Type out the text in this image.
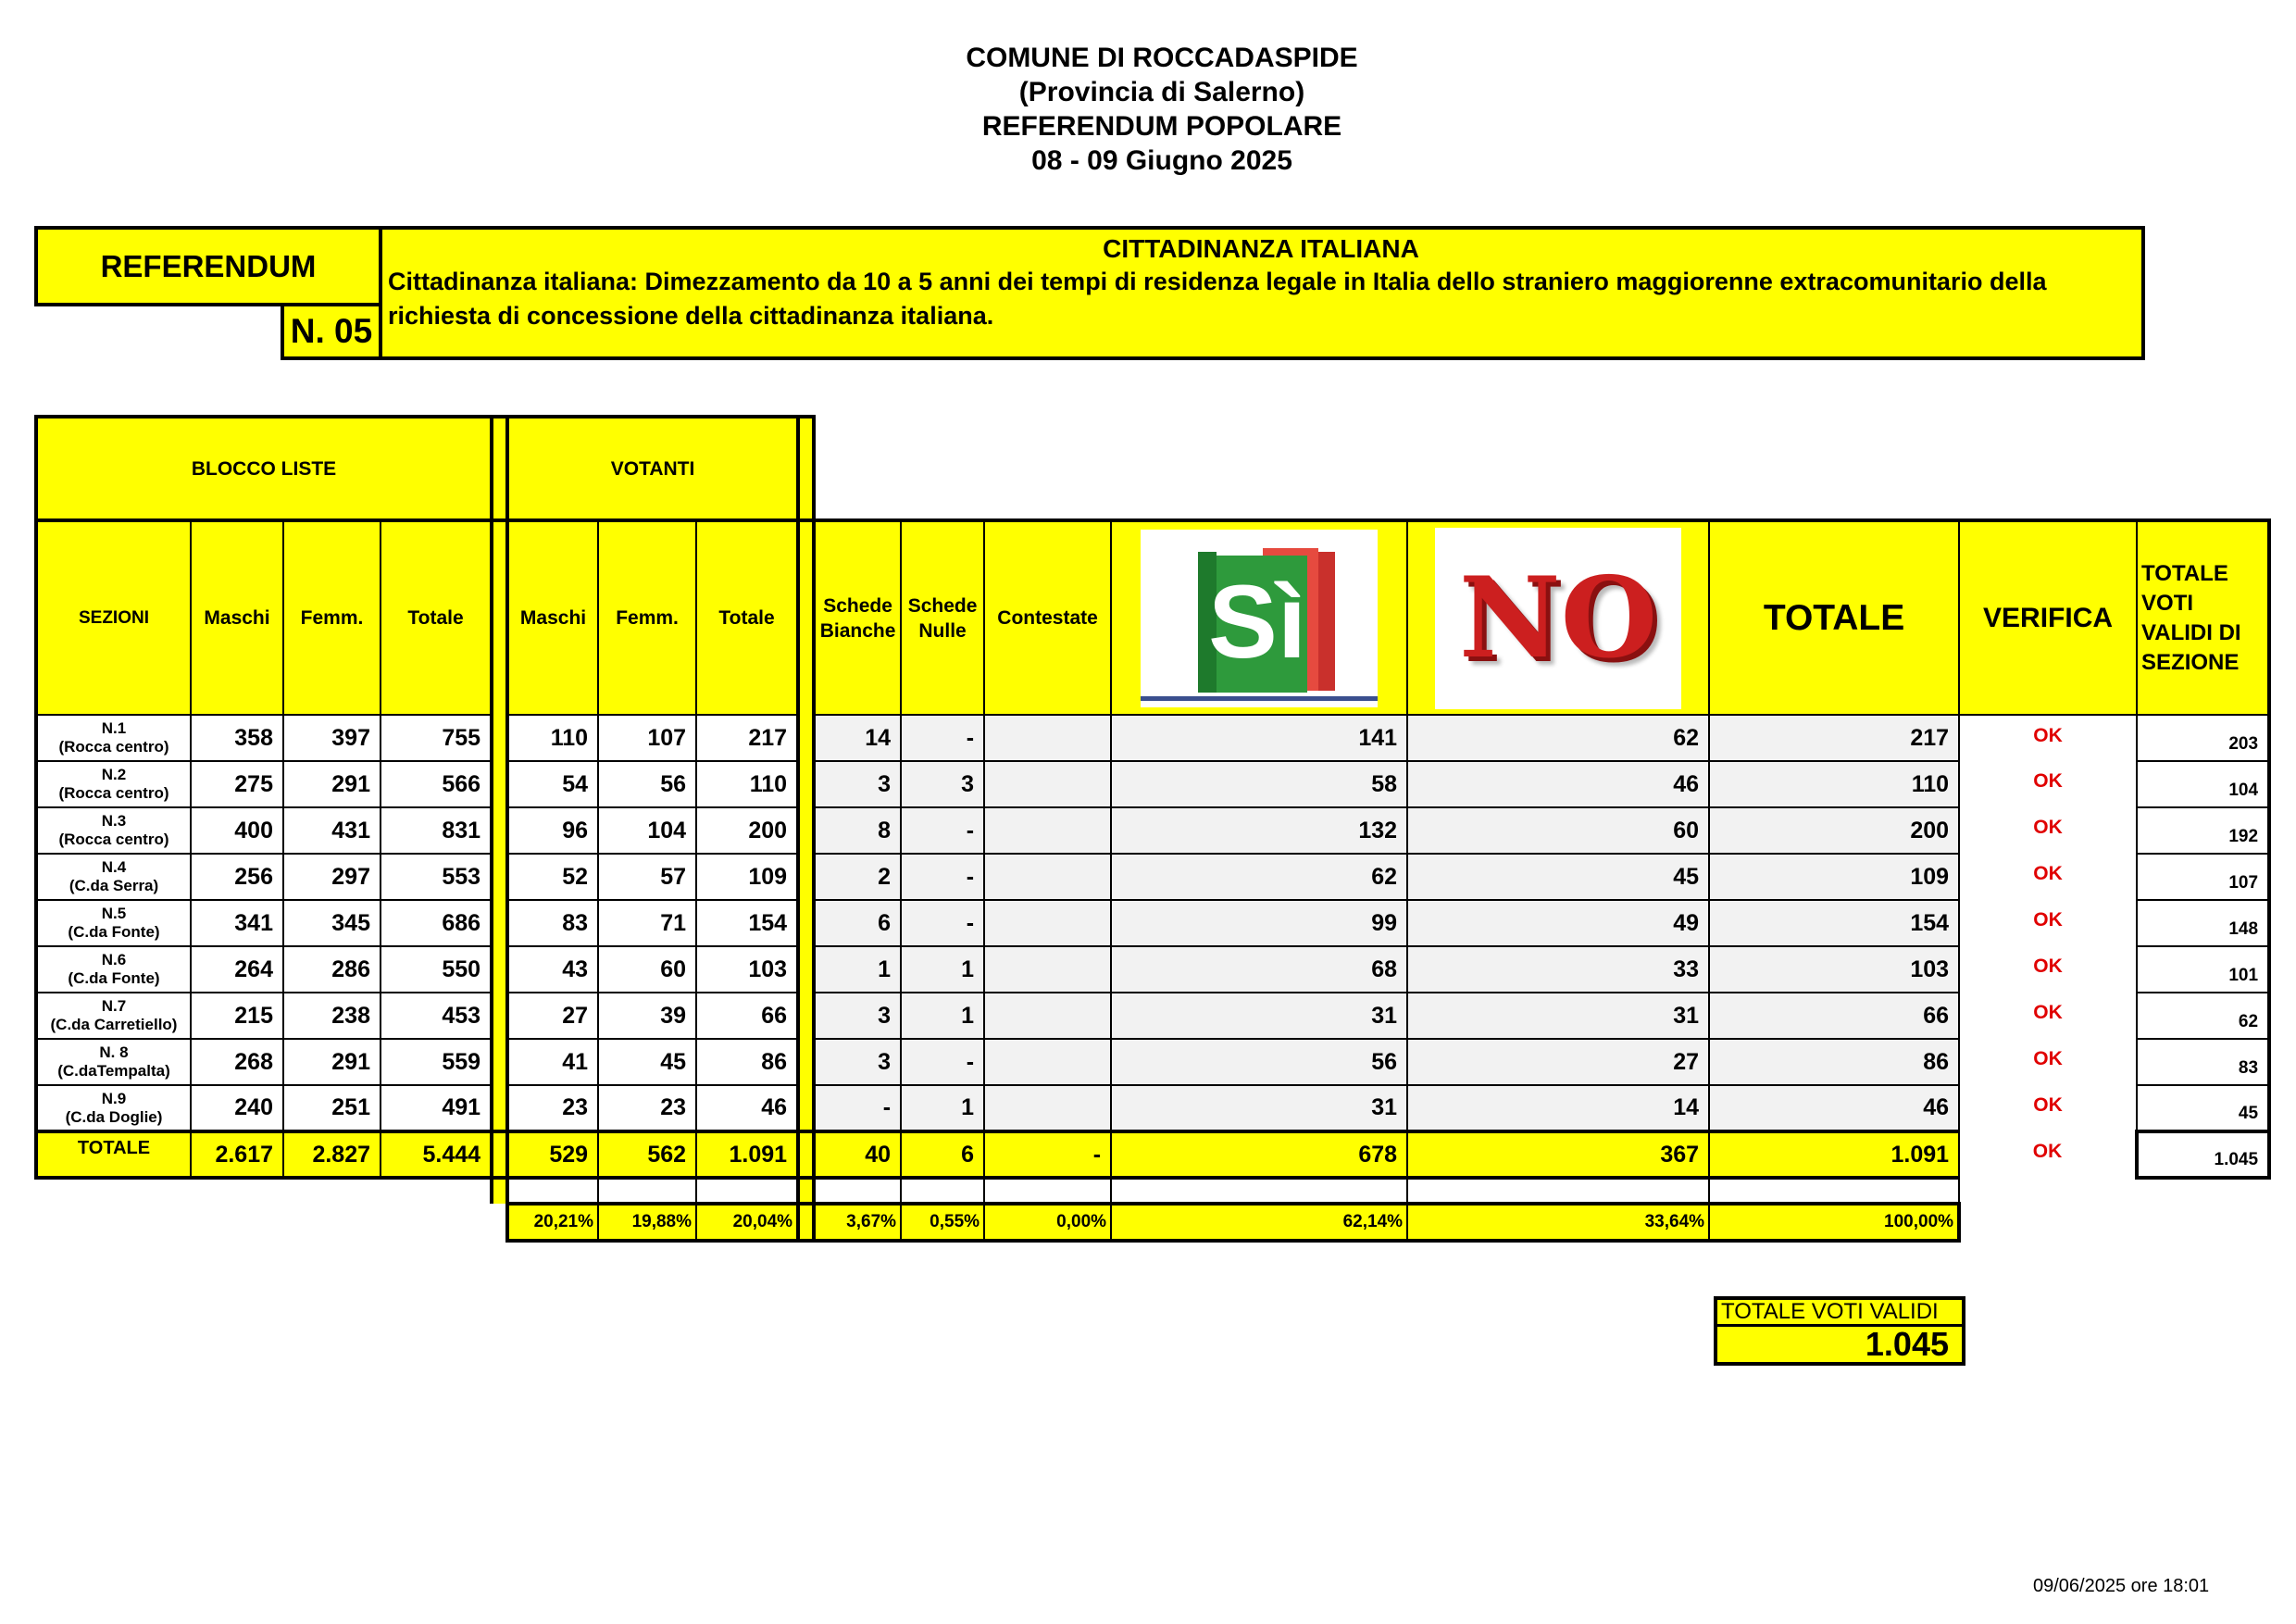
COMUNE DI ROCCADASPIDE
(Provincia di Salerno)
REFERENDUM POPOLARE
08 - 09 Giugno 2025
REFERENDUM
N. 05
CITTADINANZA ITALIANA
Cittadinanza italiana: Dimezzamento da 10 a 5 anni dei tempi di residenza legale in Italia dello straniero maggiorenne extracomunitario della richiesta di concessione della cittadinanza italiana.
BLOCCO LISTE					VOTANTI											
SEZIONI	Maschi	Femm.	Totale		Maschi	Femm.	Totale		Schede Bianche	Schede Nulle	Contestate	Sì	NO	TOTALE	VERIFICA	TOTALE VOTI VALIDI DI SEZIONE

N.1
(Rocca centro)	358	397	755		110	107	217		14	-		141	62	217	OK	203

N.2
(Rocca centro)	275	291	566		54	56	110		3	3		58	46	110	OK	104

N.3
(Rocca centro)	400	431	831		96	104	200		8	-		132	60	200	OK	192

N.4
(C.da Serra)	256	297	553		52	57	109		2	-		62	45	109	OK	107

N.5
(C.da Fonte)	341	345	686		83	71	154		6	-		99	49	154	OK	148

N.6
(C.da Fonte)	264	286	550		43	60	103		1	1		68	33	103	OK	101

N.7
(C.da Carretiello)	215	238	453		27	39	66		3	1		31	31	66	OK	62

N. 8
(C.daTempalta)	268	291	559		41	45	86		3	-		56	27	86	OK	83

N.9
(C.da Doglie)	240	251	491		23	23	46		-	1		31	14	46	OK	45
TOTALE	2.617	2.827	5.444		529	562	1.091		40	6	-	678	367	1.091	OK	1.045

					20,21%	19,88%	20,04%		3,67%	0,55%	0,00%	62,14%	33,64%	100,00%		
TOTALE VOTI VALIDI
1.045
09/06/2025 ore 18:01
